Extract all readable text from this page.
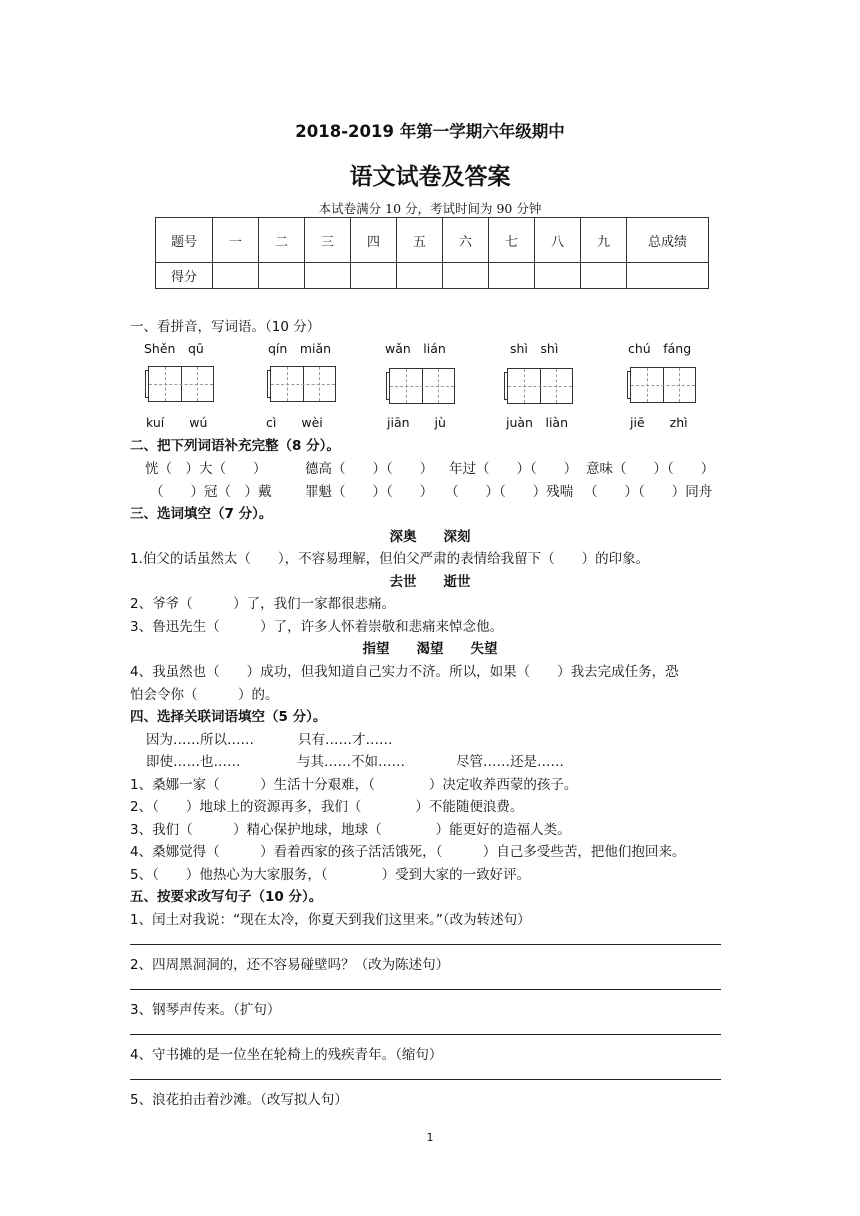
2018-2019 年第一学期六年级期中
语文试卷及答案
本试卷满分 10 分，考试时间为 90 分钟
题号	一	二	三	四	五	六	七	八	九	总成绩
得分										
一、看拼音，写词语。（10 分）
Shěn　qū	qín　miǎn	wǎn　lián	shì　shì	chú　fáng
kuí　　wú	cì　　wèi	jiān　　jù	juàn　liàn	jiē　　zhì
二、把下列词语补充完整（8 分）。
恍（　）大（　　）	德高（　　）（　　） 年过（　　）（　　） 意味（　　）（　　）
（　　）冠（　）戴 罪魁（　　）（　　） （　　）（　　）残喘 （　　）（　　）同舟
三、选词填空（7 分）。
深奥　　深刻
1.伯父的话虽然太（　　），不容易理解，但伯父严肃的表情给我留下（　　）的印象。
去世　　逝世
2、爷爷（　　　）了，我们一家都很悲痛。
3、鲁迅先生（　　　）了，许多人怀着崇敬和悲痛来悼念他。
指望　　渴望　　失望
4、我虽然也（　　）成功，但我知道自己实力不济。所以，如果（　　）我去完成任务，恐
怕会令你（　　　）的。
四、选择关联词语填空（5 分）。
因为……所以……	只有……才……
即使……也……	与其……不如……	尽管……还是……
1、桑娜一家（　　　）生活十分艰难，（　　　　）决定收养西蒙的孩子。
2、（　　）地球上的资源再多，我们（　　　　）不能随便浪费。
3、我们（　　　）精心保护地球，地球（　　　　）能更好的造福人类。
4、桑娜觉得（　　　）看着西家的孩子活活饿死，（　　　）自己多受些苦，把他们抱回来。
5、（　　）他热心为大家服务，（　　　　）受到大家的一致好评。
五、按要求改写句子（10 分）。
1、闰土对我说：“现在太冷，你夏天到我们这里来。”（改为转述句）
2、四周黑洞洞的，还不容易碰壁吗？（改为陈述句）
3、钢琴声传来。（扩句）
4、守书摊的是一位坐在轮椅上的残疾青年。（缩句）
5、浪花拍击着沙滩。（改写拟人句）
1
